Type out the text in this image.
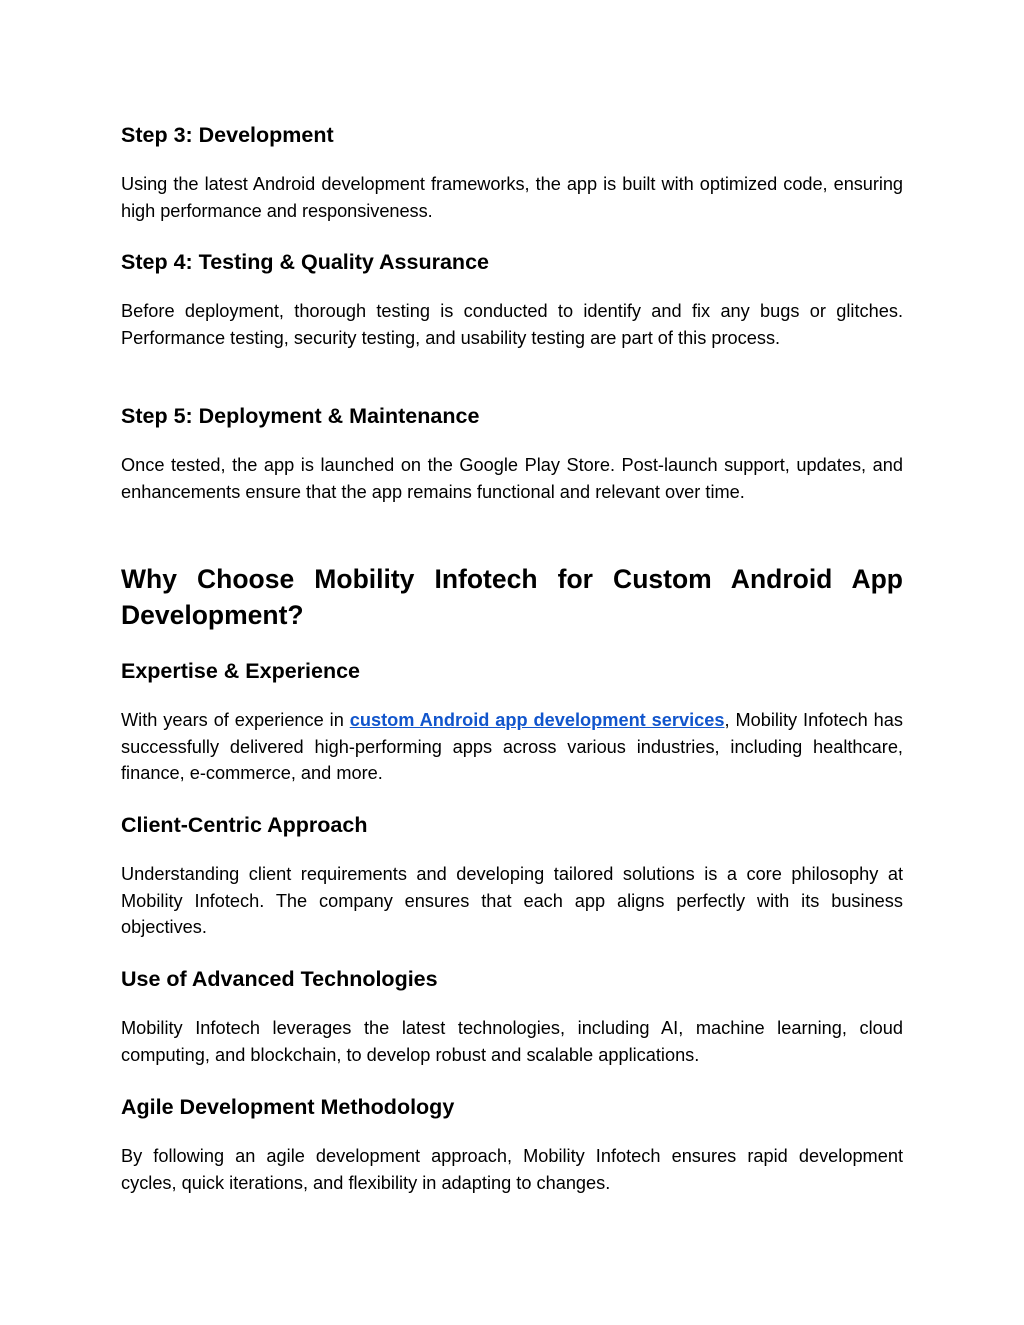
Step 3: Development

Using the latest Android development frameworks, the app is built with optimized code, ensuring high performance and responsiveness.

Step 4: Testing & Quality Assurance

Before deployment, thorough testing is conducted to identify and fix any bugs or glitches. Performance testing, security testing, and usability testing are part of this process.

Step 5: Deployment & Maintenance

Once tested, the app is launched on the Google Play Store. Post-launch support, updates, and enhancements ensure that the app remains functional and relevant over time.

Why Choose Mobility Infotech for Custom Android App
Development?
Expertise & Experience

With years of experience in custom Android app development services, Mobility Infotech has successfully delivered high-performing apps across various industries, including healthcare, finance, e-commerce, and more.

Client-Centric Approach

Understanding client requirements and developing tailored solutions is a core philosophy at Mobility Infotech. The company ensures that each app aligns perfectly with its business objectives.

Use of Advanced Technologies

Mobility Infotech leverages the latest technologies, including AI, machine learning, cloud computing, and blockchain, to develop robust and scalable applications.

Agile Development Methodology

By following an agile development approach, Mobility Infotech ensures rapid development cycles, quick iterations, and flexibility in adapting to changes.
